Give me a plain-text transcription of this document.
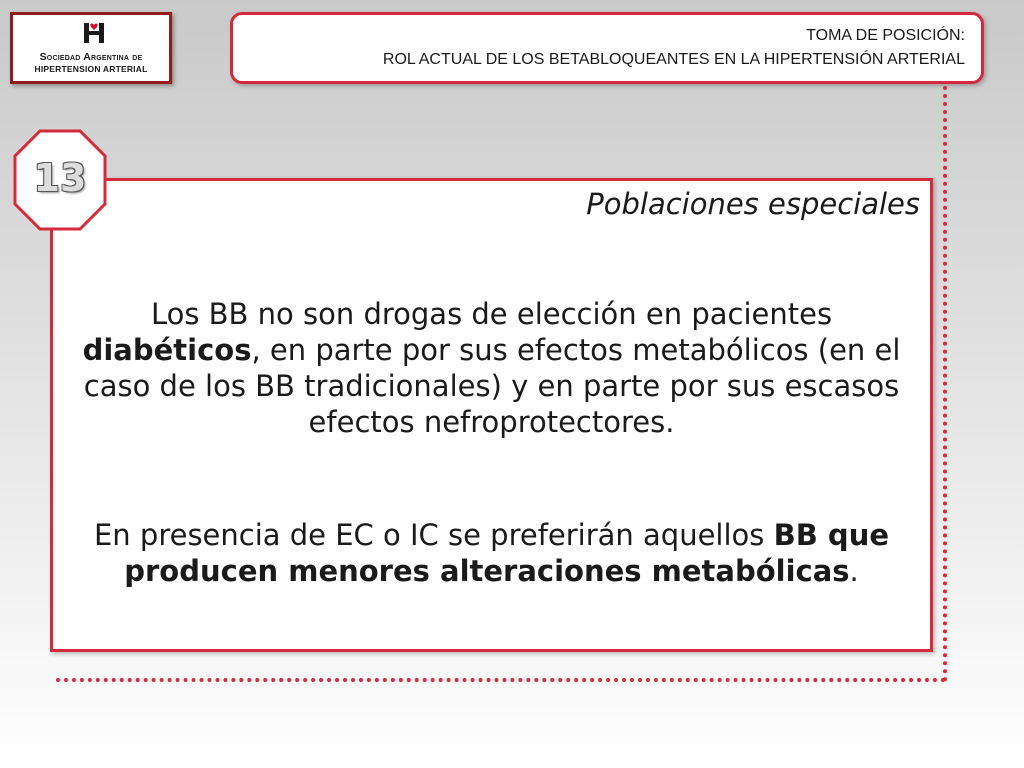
Sociedad Argentina de
HIPERTENSION ARTERIAL
TOMA DE POSICIÓN:
ROL ACTUAL DE LOS BETABLOQUEANTES EN LA HIPERTENSIÓN ARTERIAL
Poblaciones especiales
Los BB no son drogas de elección en pacientes diabéticos, en parte por sus efectos metabólicos (en el caso de los BB tradicionales) y en parte por sus escasos efectos nefroprotectores.
En presencia de EC o IC se preferirán aquellos BB que producen menores alteraciones metabólicas.
13
